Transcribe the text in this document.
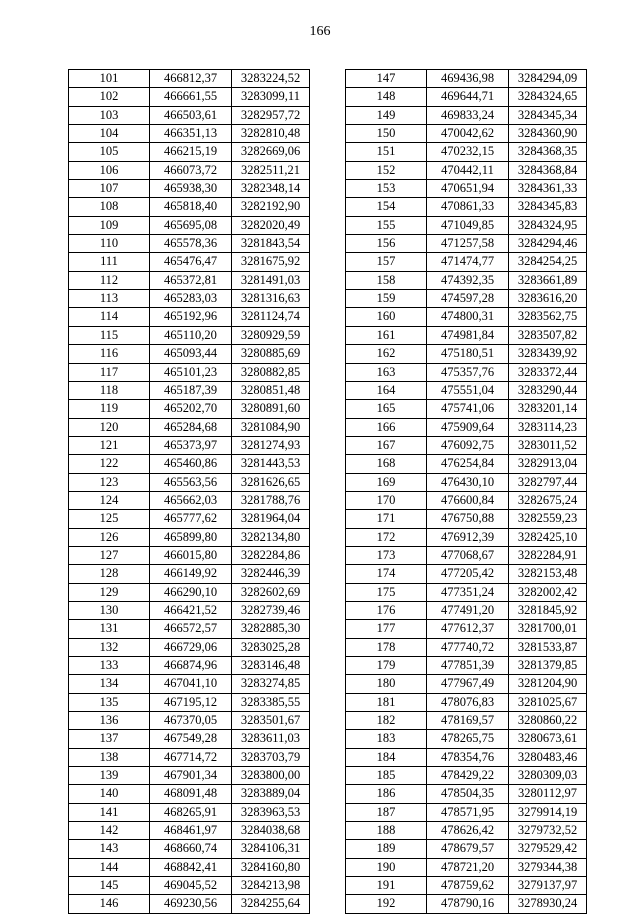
166
101	466812,37	3283224,52
102	466661,55	3283099,11
103	466503,61	3282957,72
104	466351,13	3282810,48
105	466215,19	3282669,06
106	466073,72	3282511,21
107	465938,30	3282348,14
108	465818,40	3282192,90
109	465695,08	3282020,49
110	465578,36	3281843,54
111	465476,47	3281675,92
112	465372,81	3281491,03
113	465283,03	3281316,63
114	465192,96	3281124,74
115	465110,20	3280929,59
116	465093,44	3280885,69
117	465101,23	3280882,85
118	465187,39	3280851,48
119	465202,70	3280891,60
120	465284,68	3281084,90
121	465373,97	3281274,93
122	465460,86	3281443,53
123	465563,56	3281626,65
124	465662,03	3281788,76
125	465777,62	3281964,04
126	465899,80	3282134,80
127	466015,80	3282284,86
128	466149,92	3282446,39
129	466290,10	3282602,69
130	466421,52	3282739,46
131	466572,57	3282885,30
132	466729,06	3283025,28
133	466874,96	3283146,48
134	467041,10	3283274,85
135	467195,12	3283385,55
136	467370,05	3283501,67
137	467549,28	3283611,03
138	467714,72	3283703,79
139	467901,34	3283800,00
140	468091,48	3283889,04
141	468265,91	3283963,53
142	468461,97	3284038,68
143	468660,74	3284106,31
144	468842,41	3284160,80
145	469045,52	3284213,98
146	469230,56	3284255,64
147	469436,98	3284294,09
148	469644,71	3284324,65
149	469833,24	3284345,34
150	470042,62	3284360,90
151	470232,15	3284368,35
152	470442,11	3284368,84
153	470651,94	3284361,33
154	470861,33	3284345,83
155	471049,85	3284324,95
156	471257,58	3284294,46
157	471474,77	3284254,25
158	474392,35	3283661,89
159	474597,28	3283616,20
160	474800,31	3283562,75
161	474981,84	3283507,82
162	475180,51	3283439,92
163	475357,76	3283372,44
164	475551,04	3283290,44
165	475741,06	3283201,14
166	475909,64	3283114,23
167	476092,75	3283011,52
168	476254,84	3282913,04
169	476430,10	3282797,44
170	476600,84	3282675,24
171	476750,88	3282559,23
172	476912,39	3282425,10
173	477068,67	3282284,91
174	477205,42	3282153,48
175	477351,24	3282002,42
176	477491,20	3281845,92
177	477612,37	3281700,01
178	477740,72	3281533,87
179	477851,39	3281379,85
180	477967,49	3281204,90
181	478076,83	3281025,67
182	478169,57	3280860,22
183	478265,75	3280673,61
184	478354,76	3280483,46
185	478429,22	3280309,03
186	478504,35	3280112,97
187	478571,95	3279914,19
188	478626,42	3279732,52
189	478679,57	3279529,42
190	478721,20	3279344,38
191	478759,62	3279137,97
192	478790,16	3278930,24
